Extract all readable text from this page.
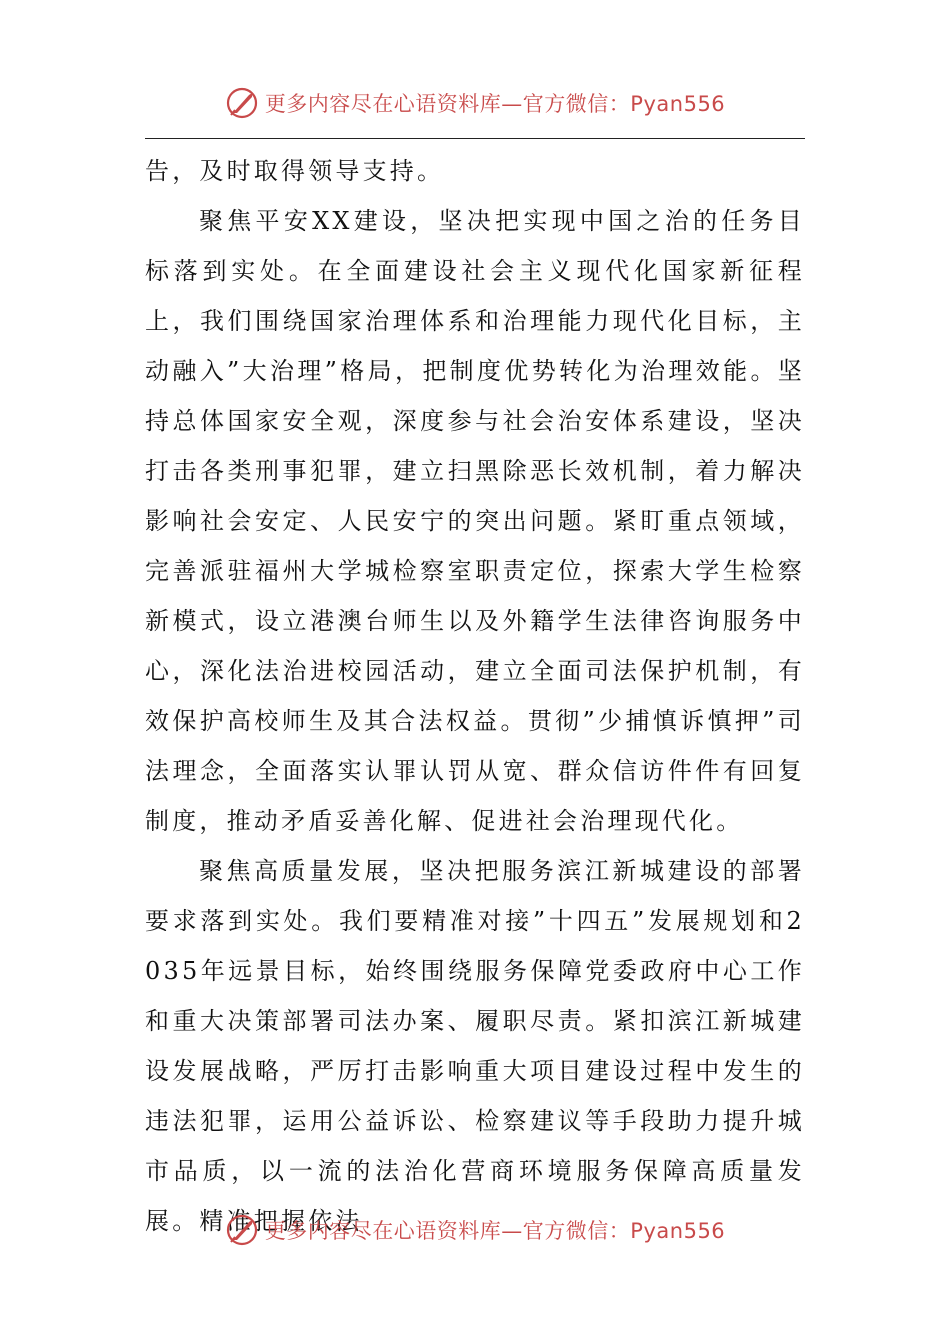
更多内容尽在心语资料库—官方微信：Pyan556

告，及时取得领导支持。

聚焦平安XX建设，坚决把实现中国之治的任务目标落到实处。在全面建设社会主义现代化国家新征程上，我们围绕国家治理体系和治理能力现代化目标，主动融入”大治理”格局，把制度优势转化为治理效能。坚持总体国家安全观，深度参与社会治安体系建设，坚决打击各类刑事犯罪，建立扫黑除恶长效机制，着力解决影响社会安定、人民安宁的突出问题。紧盯重点领域，完善派驻福州大学城检察室职责定位，探索大学生检察新模式，设立港澳台师生以及外籍学生法律咨询服务中心，深化法治进校园活动，建立全面司法保护机制，有效保护高校师生及其合法权益。贯彻”少捕慎诉慎押”司法理念，全面落实认罪认罚从宽、群众信访件件有回复制度，推动矛盾妥善化解、促进社会治理现代化。

聚焦高质量发展，坚决把服务滨江新城建设的部署要求落到实处。我们要精准对接”十四五”发展规划和2035年远景目标，始终围绕服务保障党委政府中心工作和重大决策部署司法办案、履职尽责。紧扣滨江新城建设发展战略，严厉打击影响重大项目建设过程中发生的违法犯罪，运用公益诉讼、检察建议等手段助力提升城市品质，以一流的法治化营商环境服务保障高质量发展。精准把握依法

更多内容尽在心语资料库—官方微信：Pyan556
